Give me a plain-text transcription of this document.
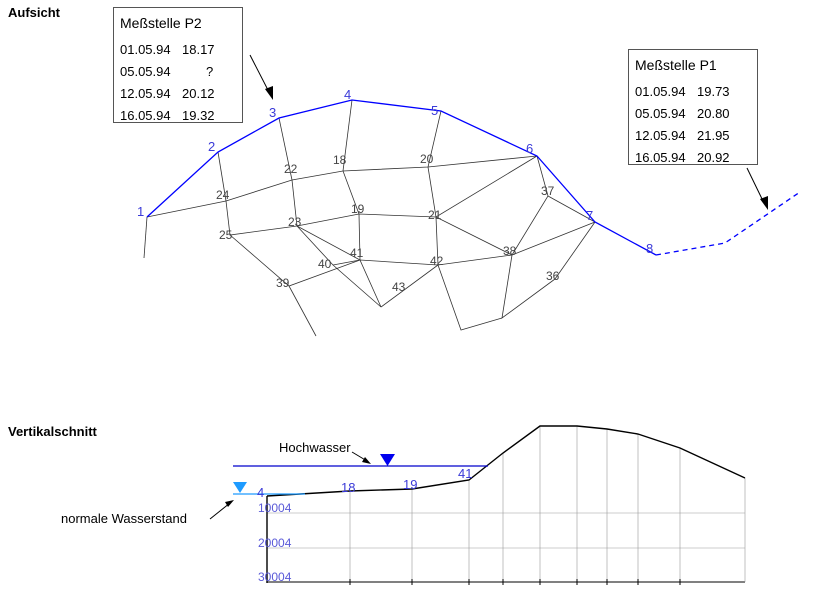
1
2
3
4
5
6
7
8
24
22
18	20
23
19	21
37
25
41
40	42
38
39	43
36
4	18	19
41
10004
20004
30004
Aufsicht
Vertikalschnitt
Meßstelle P2
01.05.94 18.17
05.05.94	?
12.05.94 20.12
16.05.94 19.32
Meßstelle P1
01.05.94 19.73
05.05.94 20.80
12.05.94 21.95
16.05.94 20.92
Hochwasser
normale Wasserstand
